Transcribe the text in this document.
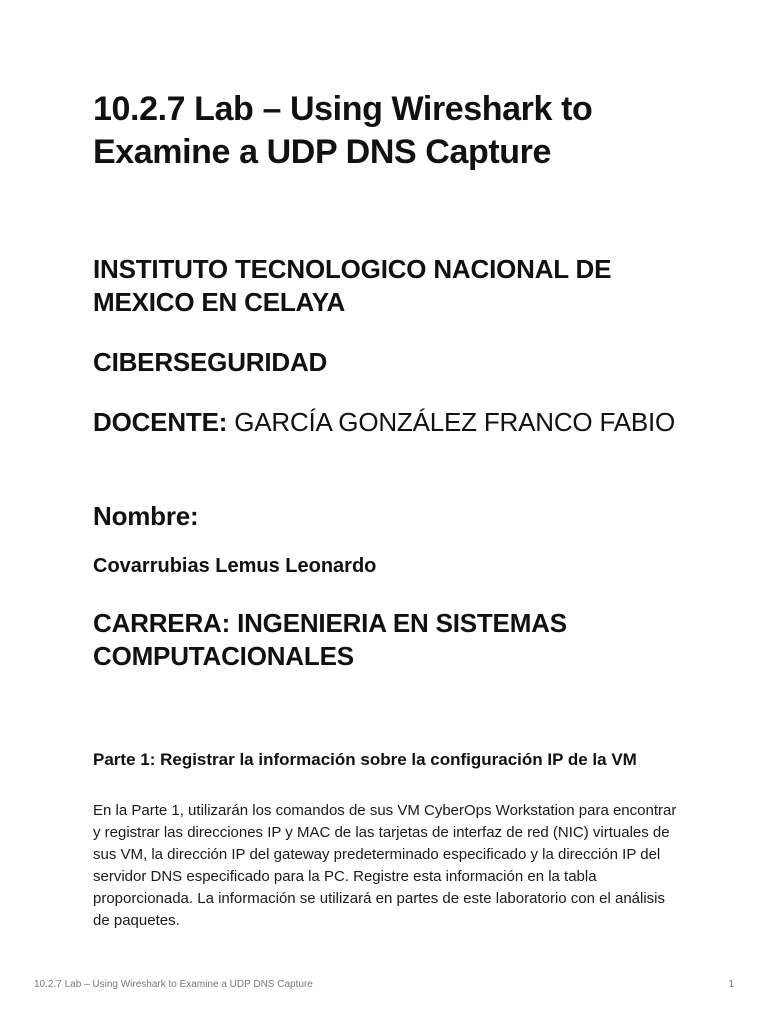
10.2.7 Lab – Using Wireshark to Examine a UDP DNS Capture
INSTITUTO TECNOLOGICO NACIONAL DE MEXICO EN CELAYA
CIBERSEGURIDAD
DOCENTE: GARCÍA GONZÁLEZ FRANCO FABIO
Nombre:
Covarrubias Lemus Leonardo
CARRERA: INGENIERIA EN SISTEMAS COMPUTACIONALES
Parte 1: Registrar la información sobre la configuración IP de la VM

En la Parte 1, utilizarán los comandos de sus VM CyberOps Workstation para encontrar y registrar las direcciones IP y MAC de las tarjetas de interfaz de red (NIC) virtuales de sus VM, la dirección IP del gateway predeterminado especificado y la dirección IP del servidor DNS especificado para la PC. Registre esta información en la tabla proporcionada. La información se utilizará en partes de este laboratorio con el análisis de paquetes.

10.2.7 Lab – Using Wireshark to Examine a UDP DNS Capture	1
